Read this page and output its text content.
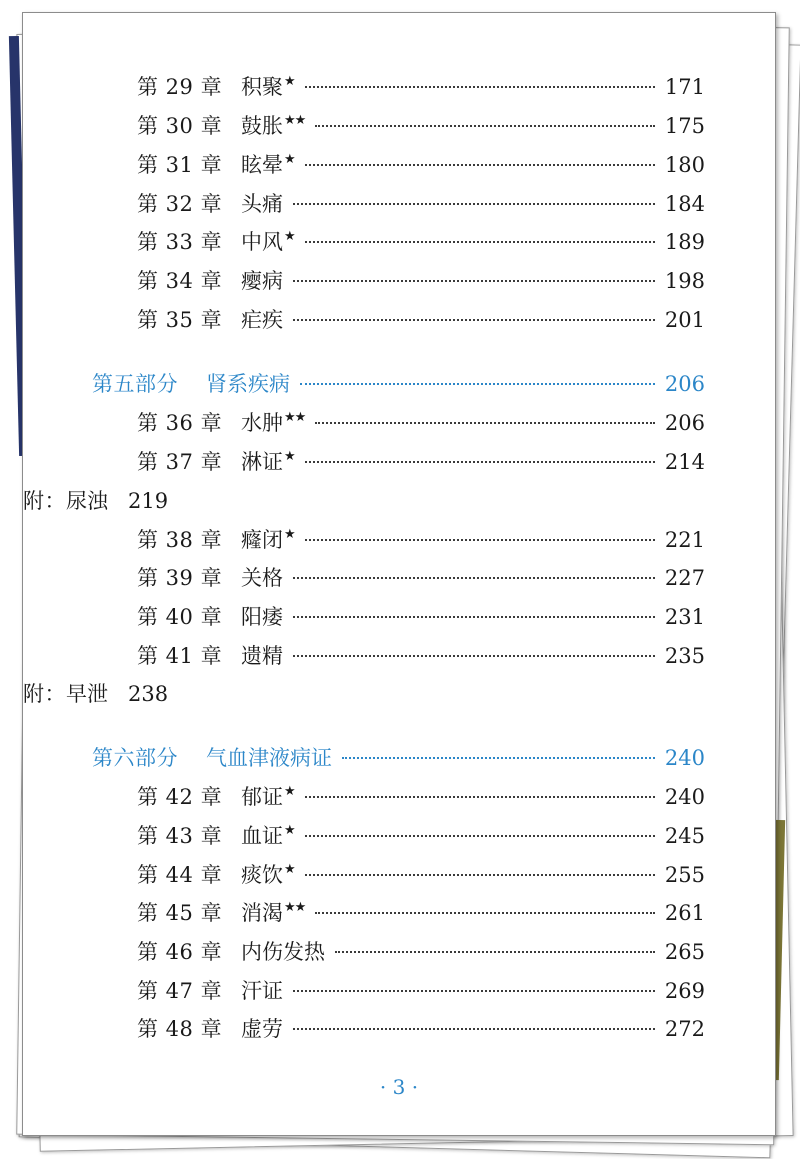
第 29 章 积聚 ★	171
第 30 章 鼓胀 ★★	175
第 31 章 眩晕 ★	180
第 32 章 头痛	184
第 33 章 中风 ★	189
第 34 章 瘿病	198
第 35 章 疟疾	201
第五部分 肾系疾病	206
第 36 章 水肿 ★★	206
第 37 章 淋证 ★	214
附： 尿浊 219
第 38 章 癃闭 ★	221
第 39 章 关格	227
第 40 章 阳痿	231
第 41 章 遗精	235
附： 早泄 238
第六部分 气血津液病证	240
第 42 章 郁证 ★	240
第 43 章 血证 ★	245
第 44 章 痰饮 ★	255
第 45 章 消渴 ★★	261
第 46 章 内伤发热	265
第 47 章 汗证	269
第 48 章 虚劳	272
· 3 ·
